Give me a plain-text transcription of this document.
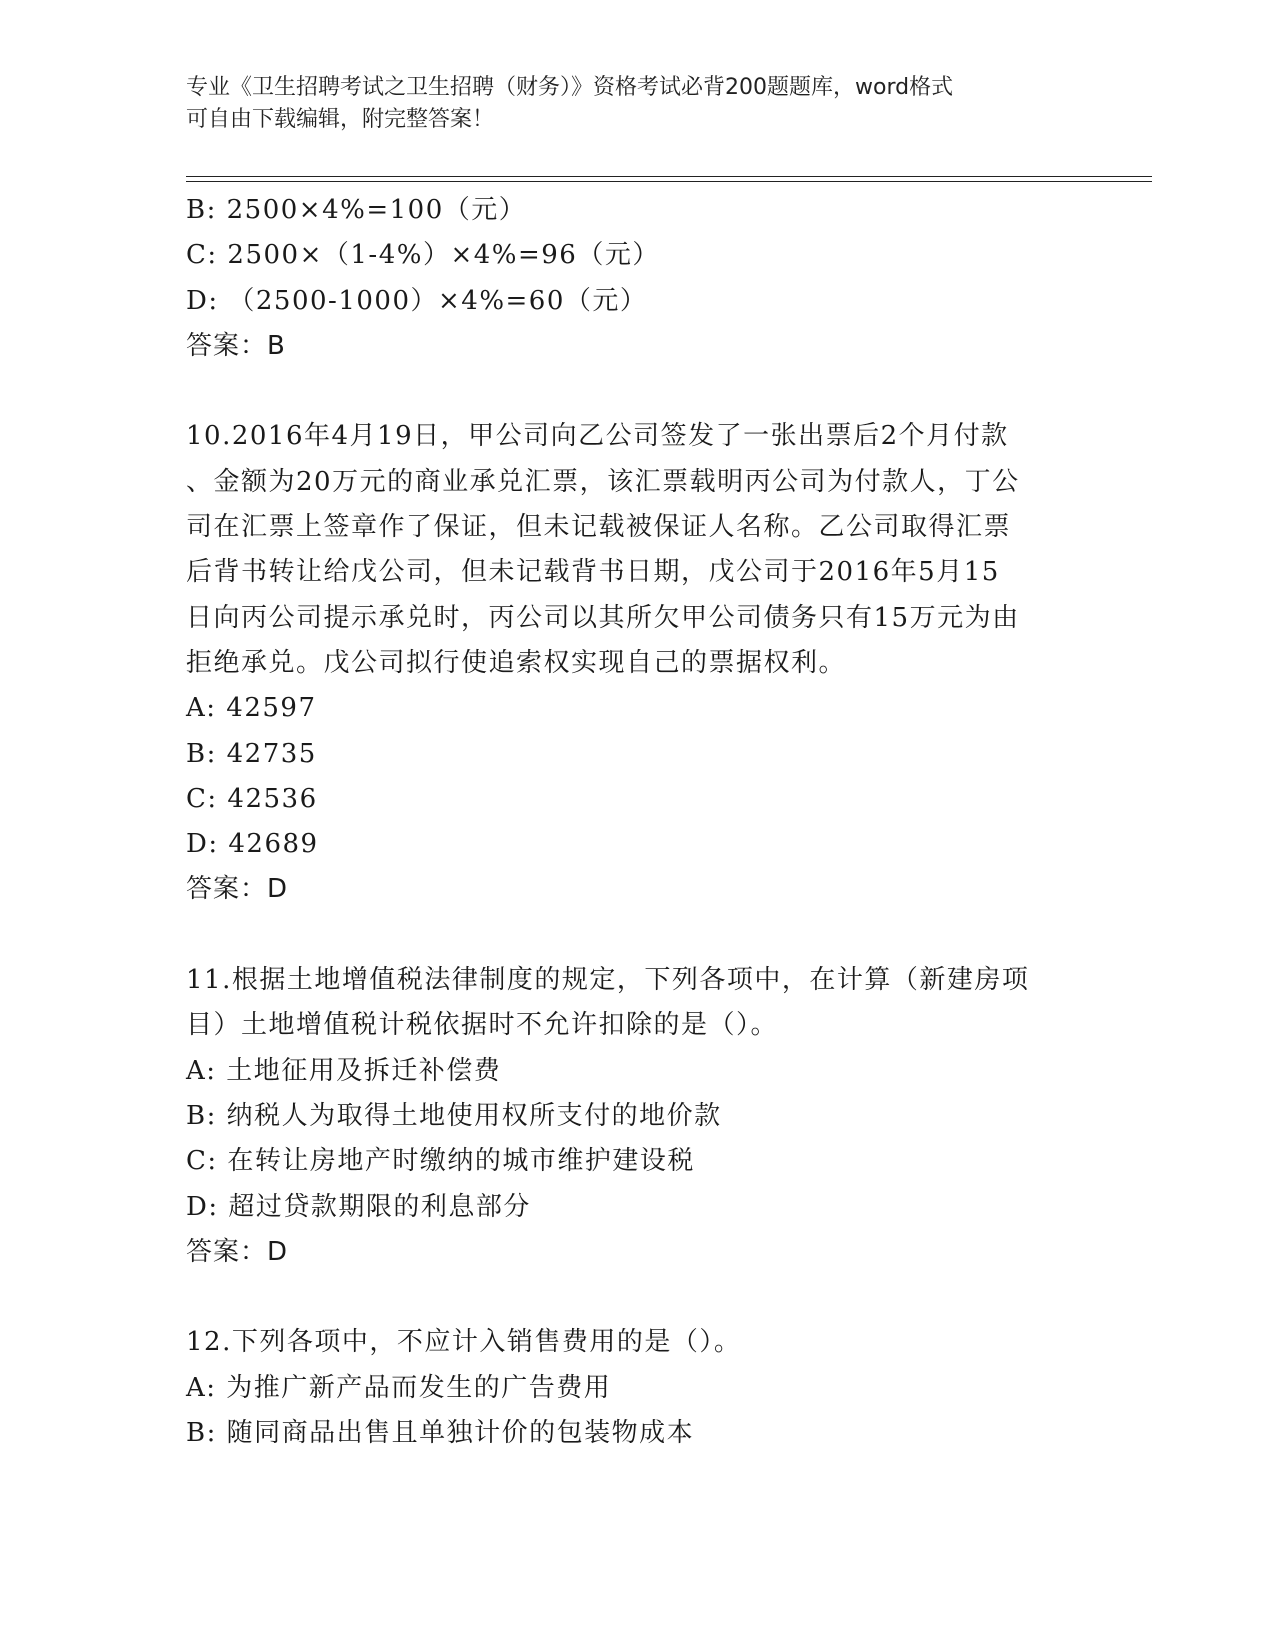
专业《卫生招聘考试之卫生招聘（财务）》资格考试必背200题题库，word格式
可自由下载编辑，附完整答案！
B: 2500×4%=100（元）
C: 2500×（1-4%）×4%=96（元）
D: （2500-1000）×4%=60（元）
答案：B
10.2016年4月19日，甲公司向乙公司签发了一张出票后2个月付款
、金额为20万元的商业承兑汇票，该汇票载明丙公司为付款人，丁公
司在汇票上签章作了保证，但未记载被保证人名称。乙公司取得汇票
后背书转让给戊公司，但未记载背书日期，戊公司于2016年5月15
日向丙公司提示承兑时，丙公司以其所欠甲公司债务只有15万元为由
拒绝承兑。戊公司拟行使追索权实现自己的票据权利。
A: 42597
B: 42735
C: 42536
D: 42689
答案：D
11.根据土地增值税法律制度的规定，下列各项中，在计算（新建房项
目）土地增值税计税依据时不允许扣除的是（）。
A: 土地征用及拆迁补偿费
B: 纳税人为取得土地使用权所支付的地价款
C: 在转让房地产时缴纳的城市维护建设税
D: 超过贷款期限的利息部分
答案：D
12.下列各项中，不应计入销售费用的是（）。
A: 为推广新产品而发生的广告费用
B: 随同商品出售且单独计价的包装物成本
